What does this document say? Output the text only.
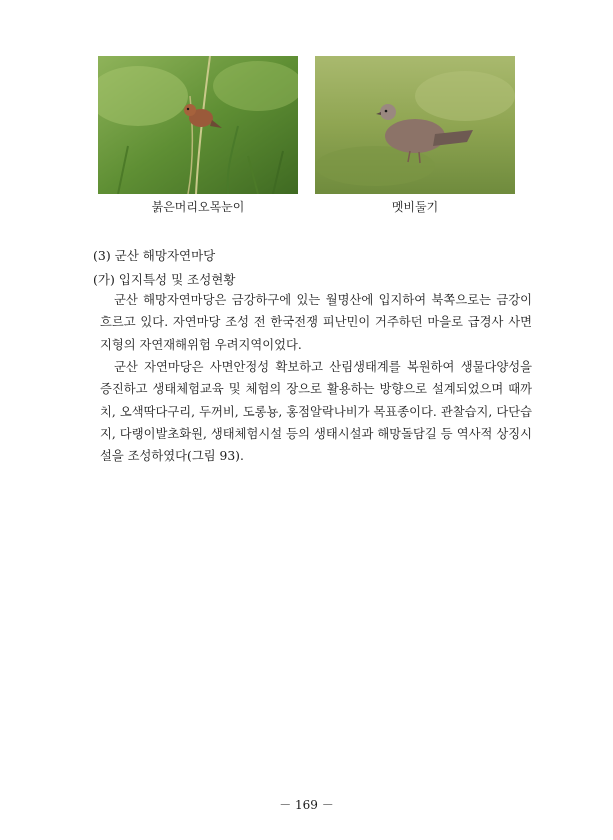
붉은머리오목눈이	멧비둘기
(3) 군산 해망자연마당
(가) 입지특성 및 조성현황

군산 해망자연마당은 금강하구에 있는 월명산에 입지하여 북쪽으로는 금강이 흐르고 있다. 자연마당 조성 전 한국전쟁 피난민이 거주하던 마을로 급경사 사면 지형의 자연재해위험 우려지역이었다.

군산 자연마당은 사면안정성 확보하고 산림생태계를 복원하여 생물다양성을 증진하고 생태체험교육 및 체험의 장으로 활용하는 방향으로 설계되었으며 때까치, 오색딱다구리, 두꺼비, 도롱뇽, 홍점알락나비가 목표종이다. 관찰습지, 다단습지, 다랭이발초화원, 생태체험시설 등의 생태시설과 해망돌담길 등 역사적 상징시설을 조성하였다(그림 93).

－ 169 －
